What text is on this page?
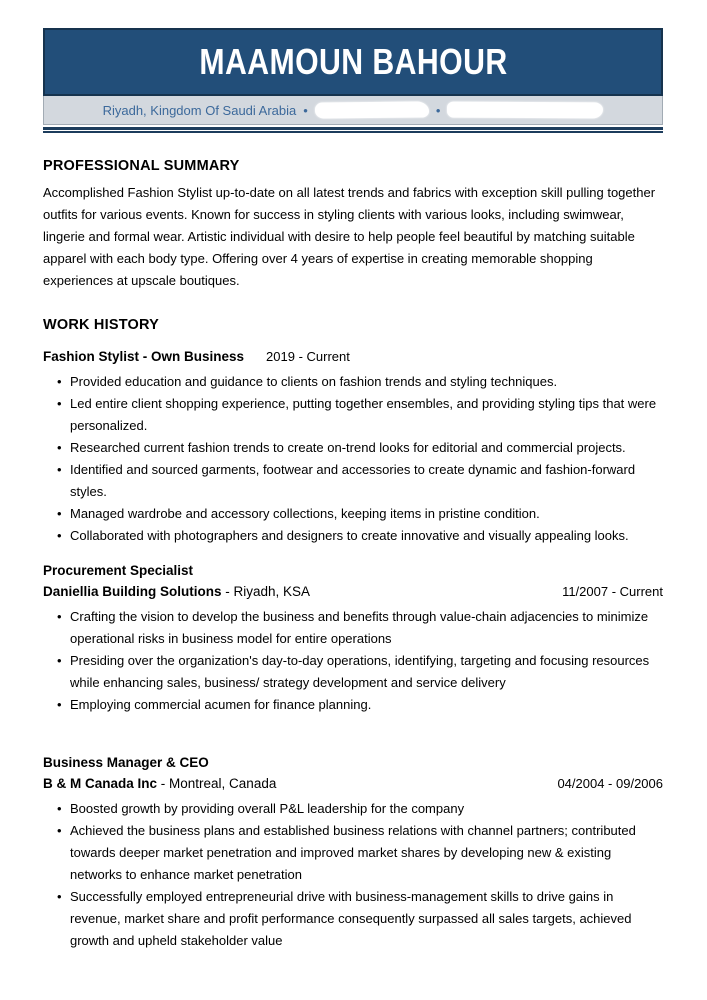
MAAMOUN BAHOUR
Riyadh, Kingdom Of Saudi Arabia •	•
PROFESSIONAL SUMMARY
Accomplished Fashion Stylist up-to-date on all latest trends and fabrics with exception skill pulling together outfits for various events. Known for success in styling clients with various looks, including swimwear, lingerie and formal wear. Artistic individual with desire to help people feel beautiful by matching suitable apparel with each body type. Offering over 4 years of expertise in creating memorable shopping experiences at upscale boutiques.
WORK HISTORY
Fashion Stylist - Own Business 2019 - Current
• Provided education and guidance to clients on fashion trends and styling techniques.
• Led entire client shopping experience, putting together ensembles, and providing styling tips that were personalized.
• Researched current fashion trends to create on-trend looks for editorial and commercial projects.
• Identified and sourced garments, footwear and accessories to create dynamic and fashion-forward styles.
• Managed wardrobe and accessory collections, keeping items in pristine condition.
• Collaborated with photographers and designers to create innovative and visually appealing looks.
Procurement Specialist
Daniellia Building Solutions - Riyadh, KSA	11/2007 - Current
• Crafting the vision to develop the business and benefits through value-chain adjacencies to minimize operational risks in business model for entire operations
• Presiding over the organization's day-to-day operations, identifying, targeting and focusing resources while enhancing sales, business/ strategy development and service delivery
• Employing commercial acumen for finance planning.
Business Manager & CEO
B & M Canada Inc - Montreal, Canada	04/2004 - 09/2006
• Boosted growth by providing overall P&L leadership for the company
• Achieved the business plans and established business relations with channel partners; contributed towards deeper market penetration and improved market shares by developing new & existing networks to enhance market penetration
• Successfully employed entrepreneurial drive with business-management skills to drive gains in revenue, market share and profit performance consequently surpassed all sales targets, achieved growth and upheld stakeholder value
